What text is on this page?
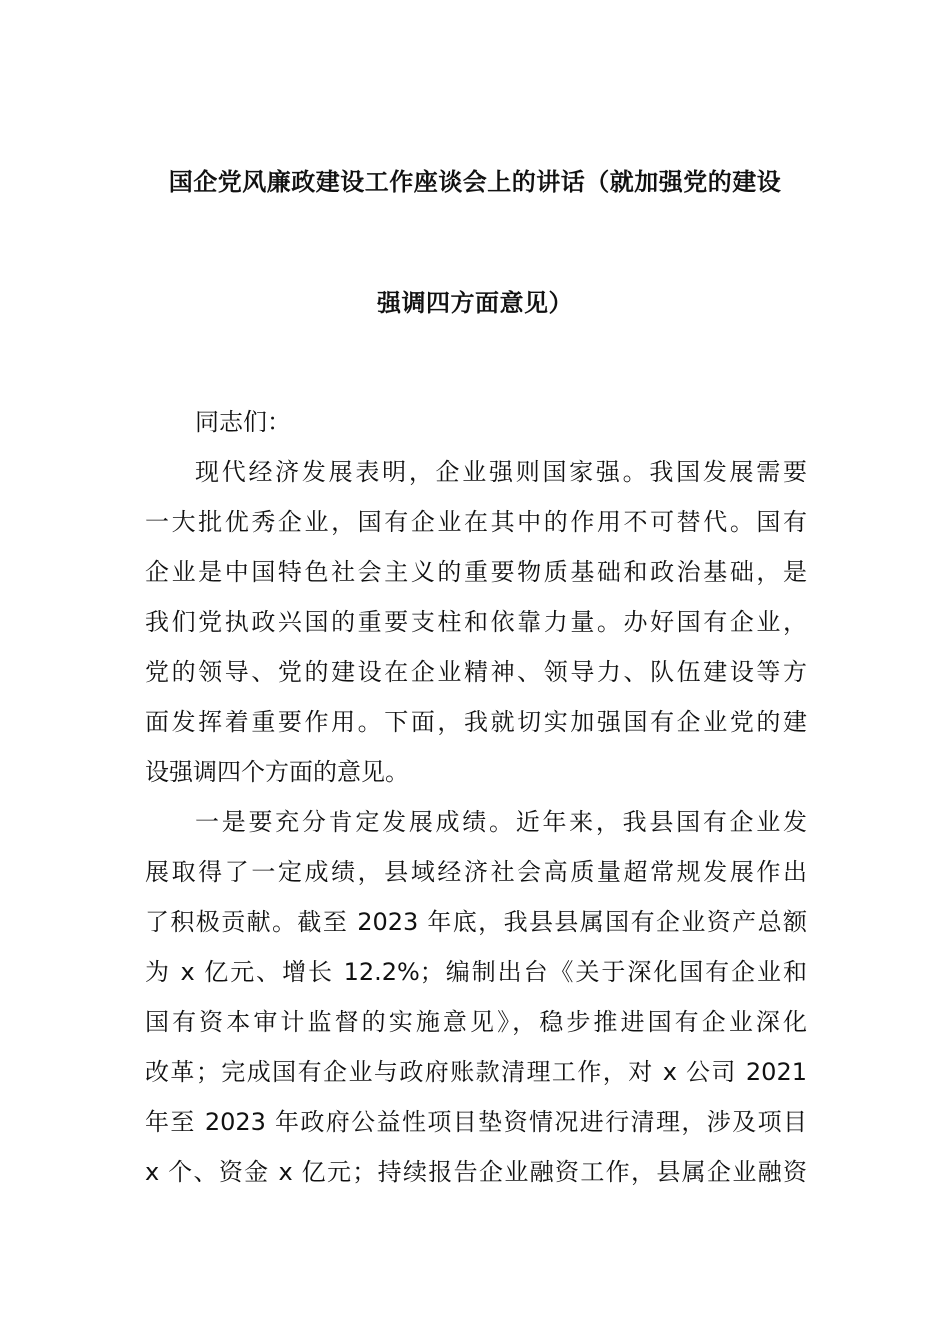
国企党风廉政建设工作座谈会上的讲话（就加强党的建设
强调四方面意见）
同志们：
现代经济发展表明，企业强则国家强。我国发展需要
一大批优秀企业，国有企业在其中的作用不可替代。国有
企业是中国特色社会主义的重要物质基础和政治基础，是
我们党执政兴国的重要支柱和依靠力量。办好国有企业，
党的领导、党的建设在企业精神、领导力、队伍建设等方
面发挥着重要作用。下面，我就切实加强国有企业党的建
设强调四个方面的意见。
一是要充分肯定发展成绩。近年来，我县国有企业发
展取得了一定成绩，县域经济社会高质量超常规发展作出
了积极贡献。截至 2023 年底，我县县属国有企业资产总额
为 x 亿元、增长 12.2%；编制出台《关于深化国有企业和
国有资本审计监督的实施意见》，稳步推进国有企业深化
改革；完成国有企业与政府账款清理工作，对 x 公司 2021
年至 2023 年政府公益性项目垫资情况进行清理，涉及项目
x 个、资金 x 亿元；持续报告企业融资工作，县属企业融资
